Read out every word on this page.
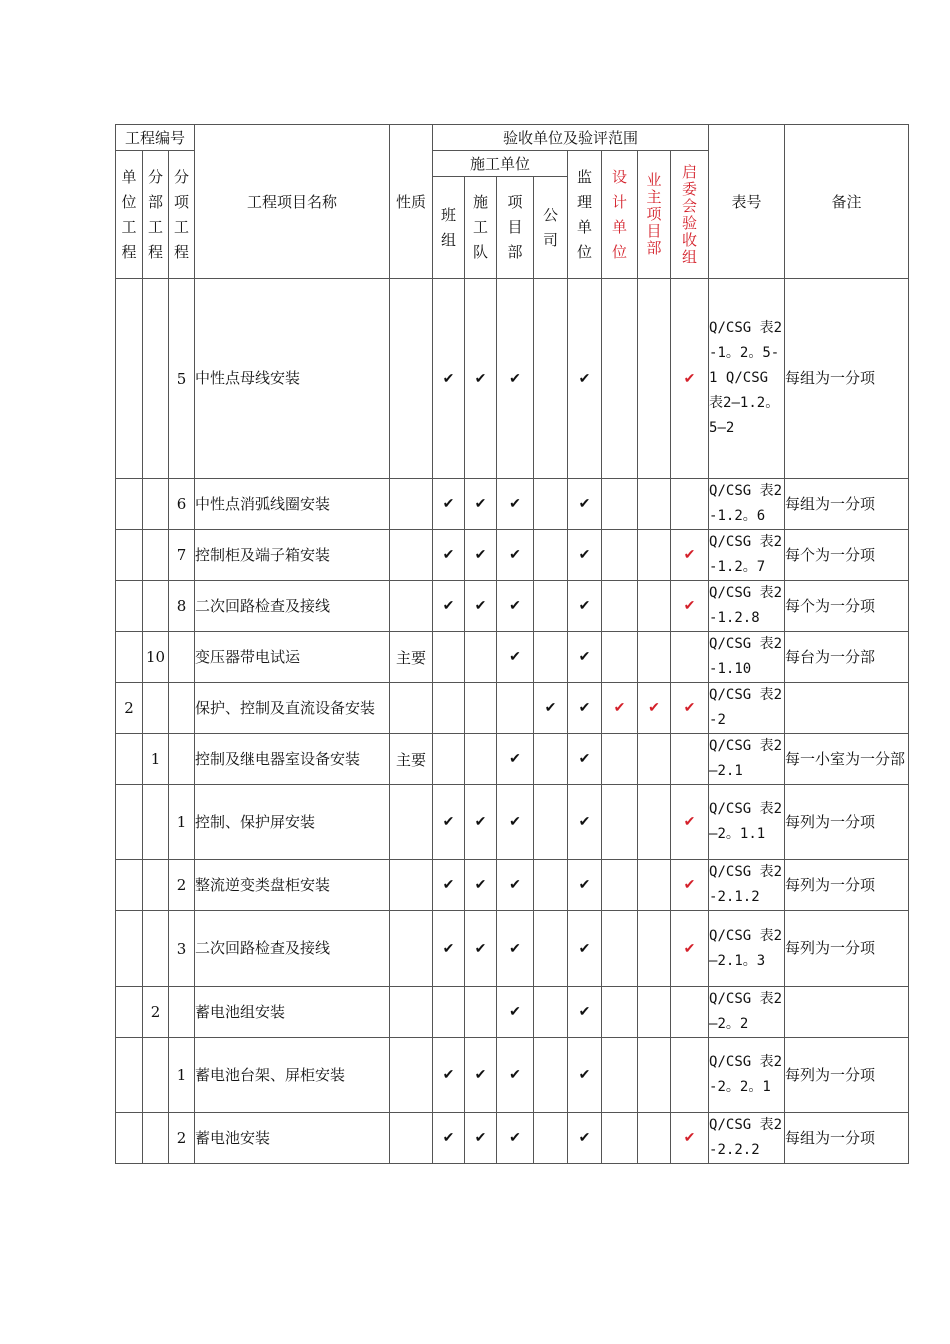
工程编号			工程项目名称	性质	验收单位及验评范围								表号	备注
单位工程	分部工程	分项工程			施工单位				监理单位	设计单位	业主项目部	启委会验收组		
					班组	施工队	项目部	公司						
		5	中性点母线安装		✔	✔	✔		✔			✔	Q/CSG 表2-1。2。5-1 Q/CSG 表2—1.2。5—2	每组为一分项
		6	中性点消弧线圈安装		✔	✔	✔		✔				Q/CSG 表2-1.2。6	每组为一分项
		7	控制柜及端子箱安装		✔	✔	✔		✔			✔	Q/CSG 表2-1.2。7	每个为一分项
		8	二次回路检查及接线		✔	✔	✔		✔			✔	Q/CSG 表2-1.2.8	每个为一分项
	10		变压器带电试运	主要			✔		✔				Q/CSG 表2-1.10	每台为一分部
2			保护、控制及直流设备安装					✔	✔	✔	✔	✔	Q/CSG 表2-2	
	1		控制及继电器室设备安装	主要			✔		✔				Q/CSG 表2—2.1	每一小室为一分部
		1	控制、保护屏安装		✔	✔	✔		✔			✔	Q/CSG 表2—2。1.1	每列为一分项
		2	整流逆变类盘柜安装		✔	✔	✔		✔			✔	Q/CSG 表2-2.1.2	每列为一分项
		3	二次回路检查及接线		✔	✔	✔		✔			✔	Q/CSG 表2—2.1。3	每列为一分项
	2		蓄电池组安装				✔		✔				Q/CSG 表2—2。2	
		1	蓄电池台架、屏柜安装		✔	✔	✔		✔				Q/CSG 表2-2。2。1	每列为一分项
		2	蓄电池安装		✔	✔	✔		✔			✔	Q/CSG 表2-2.2.2	每组为一分项
